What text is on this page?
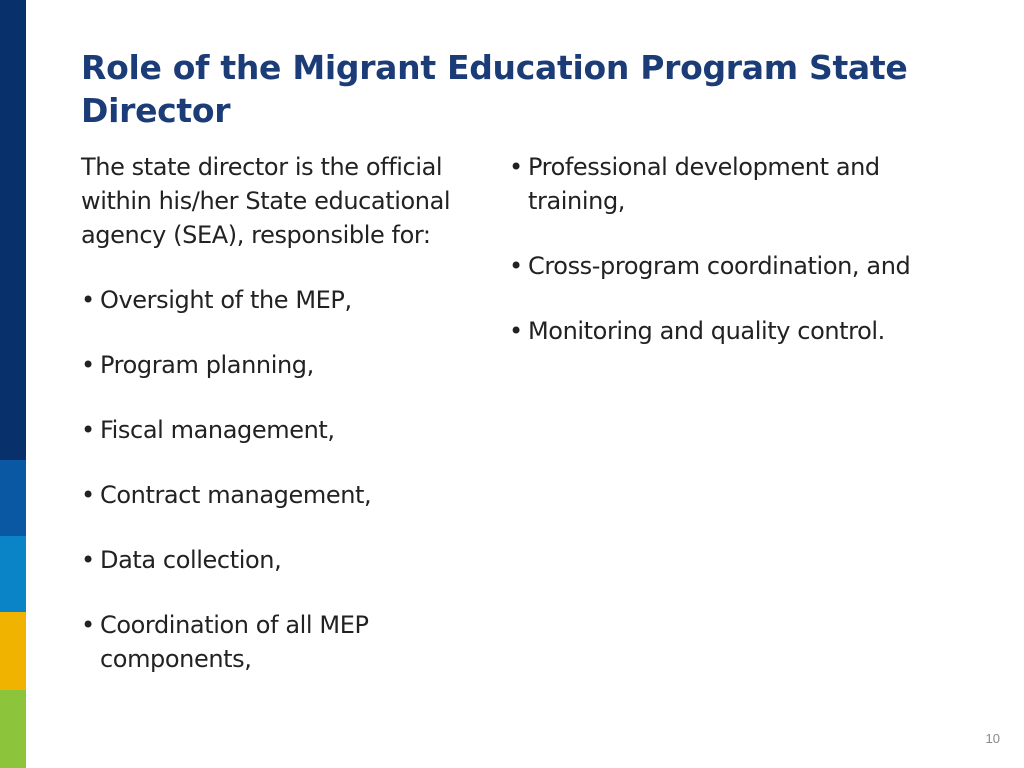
Role of the Migrant Education Program State Director

The state director is the official within his/her State educational agency (SEA), responsible for:

• Oversight of the MEP,
• Program planning,
• Fiscal management,
• Contract management,
• Data collection,
• Coordination of all MEP components,
• Professional development and training,
• Cross-program coordination, and
• Monitoring and quality control.
10
